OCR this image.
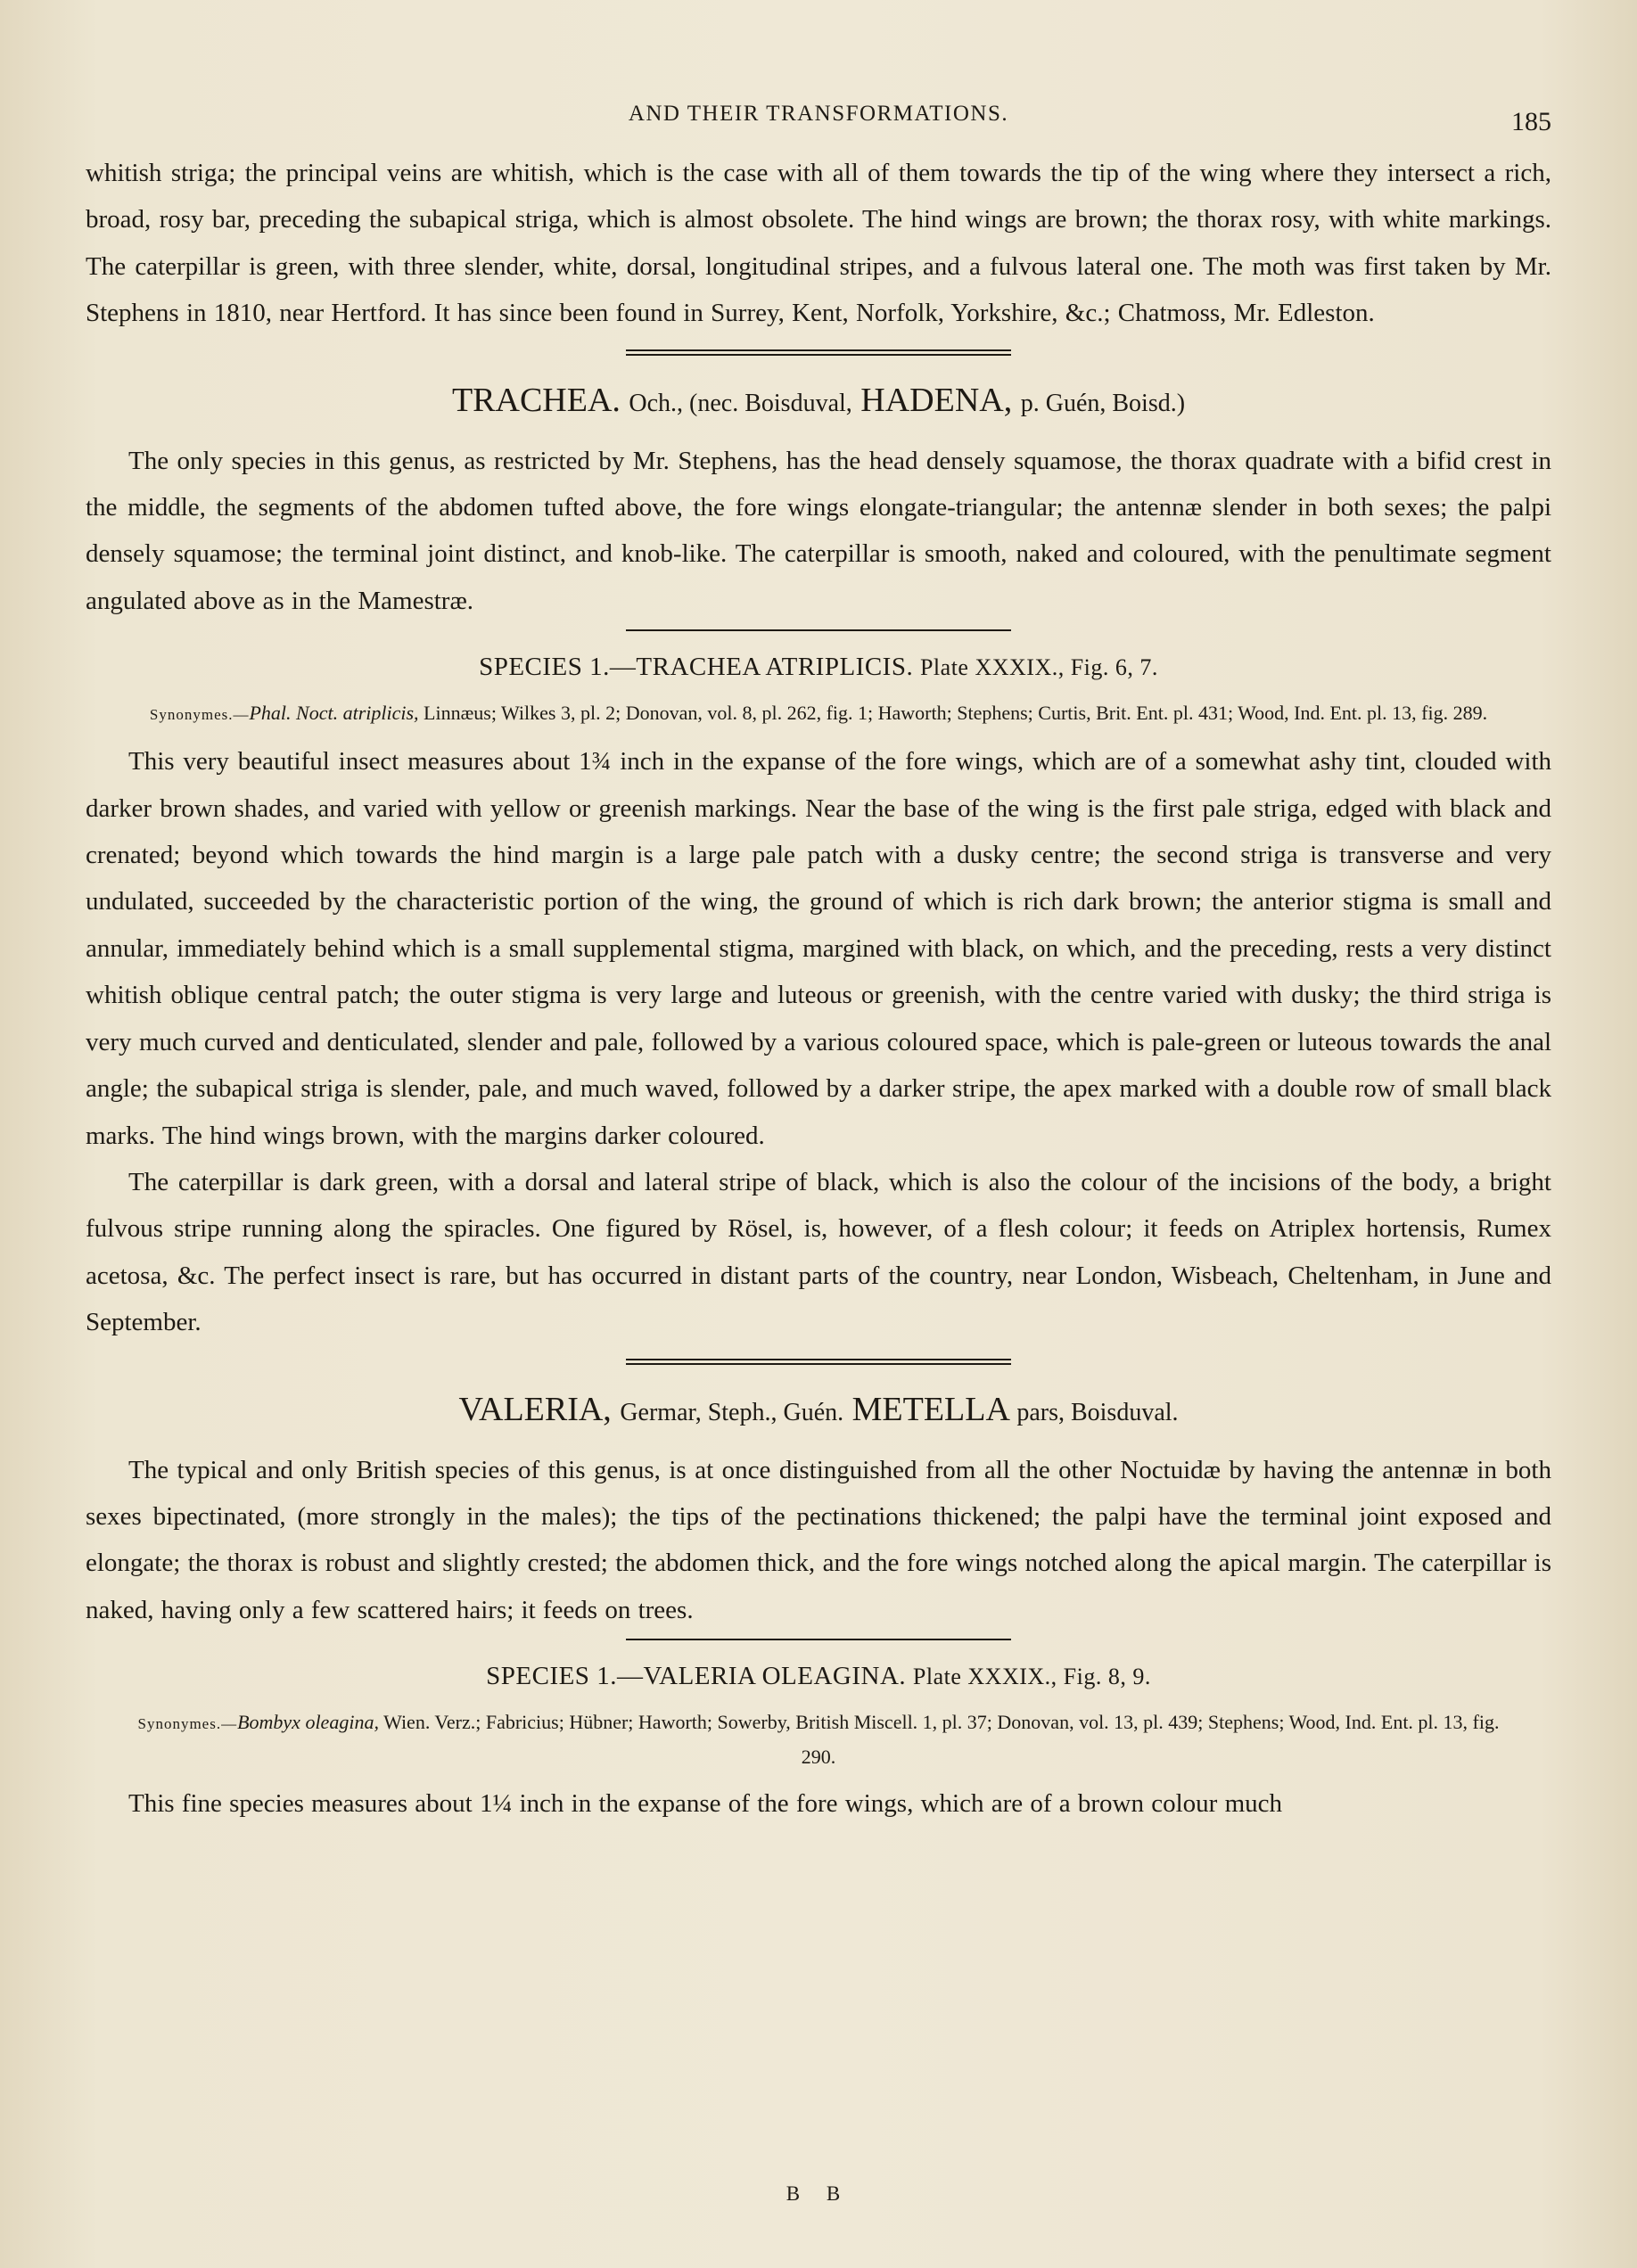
AND THEIR TRANSFORMATIONS.	185

whitish striga; the principal veins are whitish, which is the case with all of them towards the tip of the wing where they intersect a rich, broad, rosy bar, preceding the subapical striga, which is almost obsolete. The hind wings are brown; the thorax rosy, with white markings. The caterpillar is green, with three slender, white, dorsal, longitudinal stripes, and a fulvous lateral one. The moth was first taken by Mr. Stephens in 1810, near Hertford. It has since been found in Surrey, Kent, Norfolk, Yorkshire, &c.; Chatmoss, Mr. Edleston.

TRACHEA. Och., (nec. Boisduval, HADENA, p. Guén, Boisd.)

The only species in this genus, as restricted by Mr. Stephens, has the head densely squamose, the thorax quadrate with a bifid crest in the middle, the segments of the abdomen tufted above, the fore wings elongate-triangular; the antennæ slender in both sexes; the palpi densely squamose; the terminal joint distinct, and knob-like. The caterpillar is smooth, naked and coloured, with the penultimate segment angulated above as in the Mamestræ.

SPECIES 1.—TRACHEA ATRIPLICIS. Plate XXXIX., Fig. 6, 7.
Synonymes.—Phal. Noct. atriplicis, Linnæus; Wilkes 3, pl. 2; Donovan, vol. 8, pl. 262, fig. 1; Haworth; Stephens; Curtis, Brit. Ent. pl. 431; Wood, Ind. Ent. pl. 13, fig. 289.

This very beautiful insect measures about 1¾ inch in the expanse of the fore wings, which are of a somewhat ashy tint, clouded with darker brown shades, and varied with yellow or greenish markings. Near the base of the wing is the first pale striga, edged with black and crenated; beyond which towards the hind margin is a large pale patch with a dusky centre; the second striga is transverse and very undulated, succeeded by the characteristic portion of the wing, the ground of which is rich dark brown; the anterior stigma is small and annular, immediately behind which is a small supplemental stigma, margined with black, on which, and the preceding, rests a very distinct whitish oblique central patch; the outer stigma is very large and luteous or greenish, with the centre varied with dusky; the third striga is very much curved and denticulated, slender and pale, followed by a various coloured space, which is pale-green or luteous towards the anal angle; the subapical striga is slender, pale, and much waved, followed by a darker stripe, the apex marked with a double row of small black marks. The hind wings brown, with the margins darker coloured.

The caterpillar is dark green, with a dorsal and lateral stripe of black, which is also the colour of the incisions of the body, a bright fulvous stripe running along the spiracles. One figured by Rösel, is, however, of a flesh colour; it feeds on Atriplex hortensis, Rumex acetosa, &c. The perfect insect is rare, but has occurred in distant parts of the country, near London, Wisbeach, Cheltenham, in June and September.

VALERIA, Germar, Steph., Guén. METELLA pars, Boisduval.

The typical and only British species of this genus, is at once distinguished from all the other Noctuidæ by having the antennæ in both sexes bipectinated, (more strongly in the males); the tips of the pectinations thickened; the palpi have the terminal joint exposed and elongate; the thorax is robust and slightly crested; the abdomen thick, and the fore wings notched along the apical margin. The caterpillar is naked, having only a few scattered hairs; it feeds on trees.

SPECIES 1.—VALERIA OLEAGINA. Plate XXXIX., Fig. 8, 9.
Synonymes.—Bombyx oleagina, Wien. Verz.; Fabricius; Hübner; Haworth; Sowerby, British Miscell. 1, pl. 37; Donovan, vol. 13, pl. 439; Stephens; Wood, Ind. Ent. pl. 13, fig. 290.

This fine species measures about 1¼ inch in the expanse of the fore wings, which are of a brown colour much

B B
